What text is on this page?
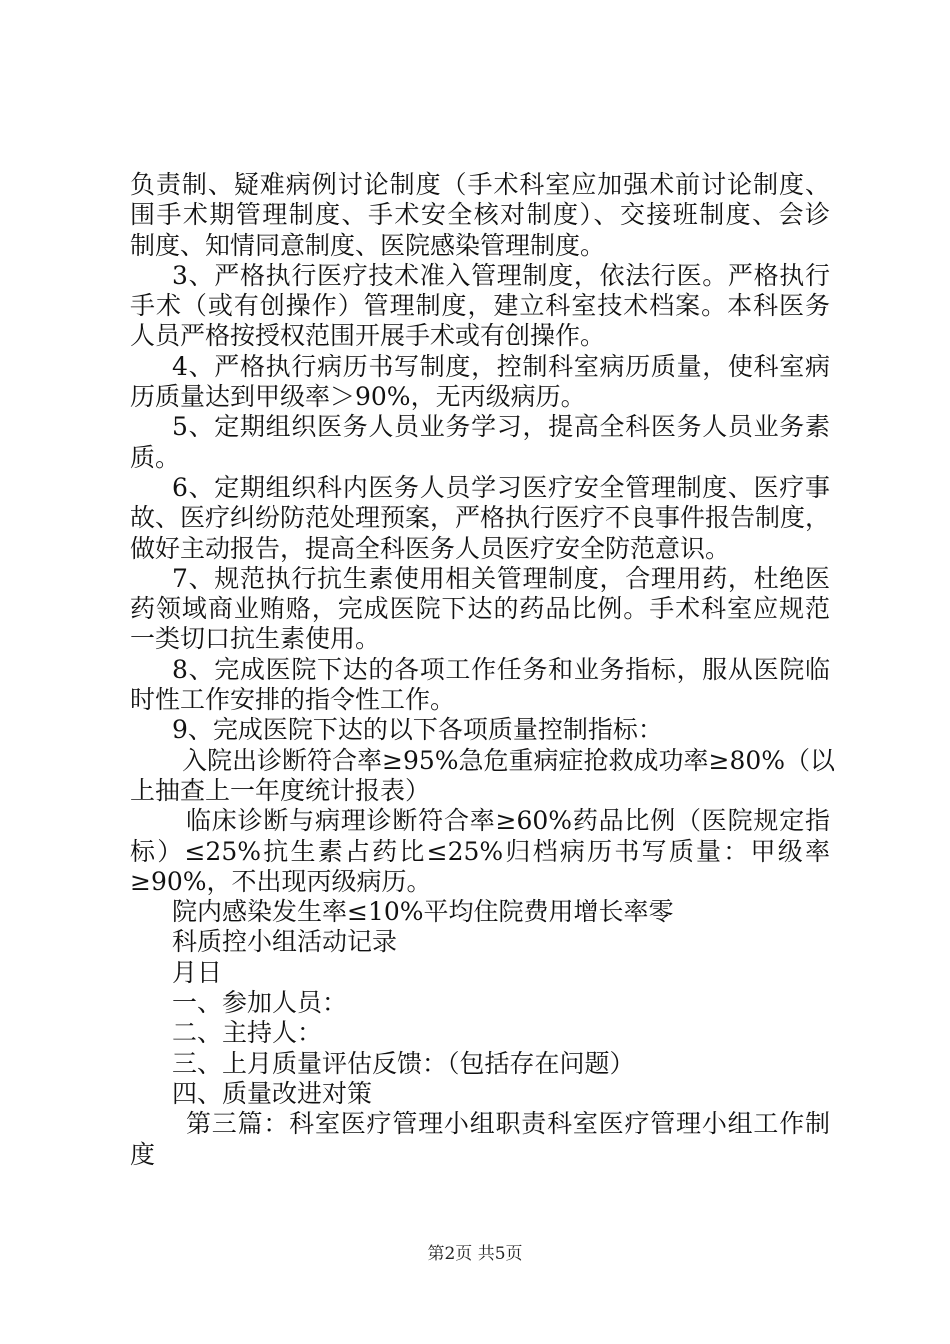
负责制、疑难病例讨论制度（手术科室应加强术前讨论制度、
围手术期管理制度、手术安全核对制度）、交接班制度、会诊
制度、知情同意制度、医院感染管理制度。
3、严格执行医疗技术准入管理制度，依法行医。严格执行
手术（或有创操作）管理制度，建立科室技术档案。本科医务
人员严格按授权范围开展手术或有创操作。
4、严格执行病历书写制度，控制科室病历质量，使科室病
历质量达到甲级率＞90%，无丙级病历。
5、定期组织医务人员业务学习，提高全科医务人员业务素
质。
6、定期组织科内医务人员学习医疗安全管理制度、医疗事
故、医疗纠纷防范处理预案，严格执行医疗不良事件报告制度，
做好主动报告，提高全科医务人员医疗安全防范意识。
7、规范执行抗生素使用相关管理制度，合理用药，杜绝医
药领域商业贿赂，完成医院下达的药品比例。手术科室应规范
一类切口抗生素使用。
8、完成医院下达的各项工作任务和业务指标，服从医院临
时性工作安排的指令性工作。
9、完成医院下达的以下各项质量控制指标：
入院出诊断符合率≥95%急危重病症抢救成功率≥80%（以
上抽查上一年度统计报表）
临床诊断与病理诊断符合率≥60%药品比例（医院规定指
标）≤25%抗生素占药比≤25%归档病历书写质量：甲级率
≥90%，不出现丙级病历。
院内感染发生率≤10%平均住院费用增长率零
科质控小组活动记录
月日
一、参加人员：
二、主持人：
三、上月质量评估反馈：（包括存在问题）
四、质量改进对策
第三篇：科室医疗管理小组职责科室医疗管理小组工作制
度
第2页 共5页
